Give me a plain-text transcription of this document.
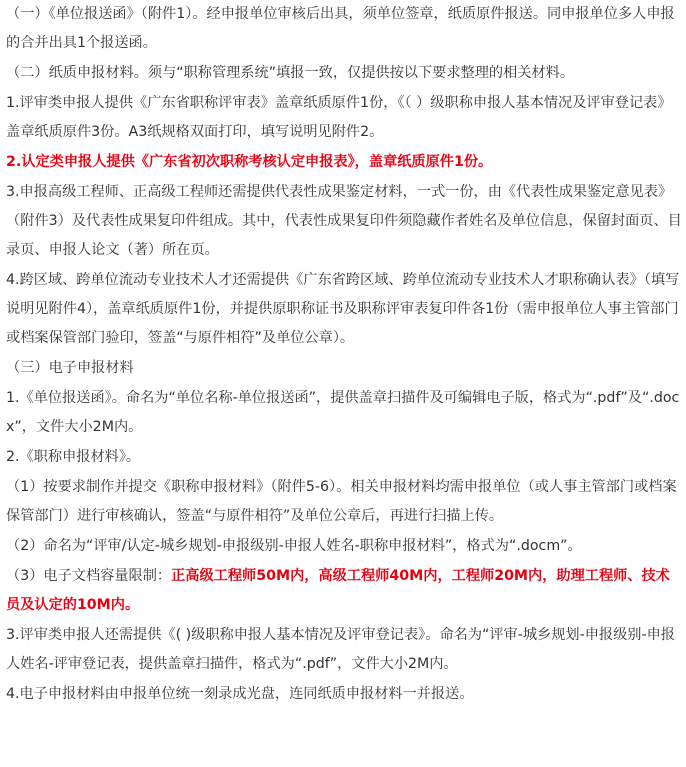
（一）《单位报送函》（附件1）。经申报单位审核后出具，须单位签章，纸质原件报送。同申报单位多人申报的合并出具1个报送函。

（二）纸质申报材料。须与“职称管理系统”填报一致，仅提供按以下要求整理的相关材料。

1.评审类申报人提供《广东省职称评审表》盖章纸质原件1份，《（ ）级职称申报人基本情况及评审登记表》盖章纸质原件3份。A3纸规格双面打印，填写说明见附件2。

2.认定类申报人提供《广东省初次职称考核认定申报表》，盖章纸质原件1份。

3.申报高级工程师、正高级工程师还需提供代表性成果鉴定材料，一式一份，由《代表性成果鉴定意见表》（附件3）及代表性成果复印件组成。其中，代表性成果复印件须隐藏作者姓名及单位信息，保留封面页、目录页、申报人论文（著）所在页。

4.跨区域、跨单位流动专业技术人才还需提供《广东省跨区域、跨单位流动专业技术人才职称确认表》（填写说明见附件4），盖章纸质原件1份，并提供原职称证书及职称评审表复印件各1份（需申报单位人事主管部门或档案保管部门验印，签盖“与原件相符”及单位公章）。

（三）电子申报材料

1.《单位报送函》。命名为“单位名称-单位报送函”，提供盖章扫描件及可编辑电子版，格式为“.pdf”及“.docx”，文件大小2M内。

2.《职称申报材料》。

（1）按要求制作并提交《职称申报材料》（附件5-6）。相关申报材料均需申报单位（或人事主管部门或档案保管部门）进行审核确认，签盖“与原件相符”及单位公章后，再进行扫描上传。

（2）命名为“评审/认定-城乡规划-申报级别-申报人姓名-职称申报材料”，格式为“.docm”。

（3）电子文档容量限制：正高级工程师50M内，高级工程师40M内，工程师20M内，助理工程师、技术员及认定的10M内。

3.评审类申报人还需提供《( )级职称申报人基本情况及评审登记表》。命名为“评审-城乡规划-申报级别-申报人姓名-评审登记表，提供盖章扫描件，格式为“.pdf”，文件大小2M内。

4.电子申报材料由申报单位统一刻录成光盘，连同纸质申报材料一并报送。
